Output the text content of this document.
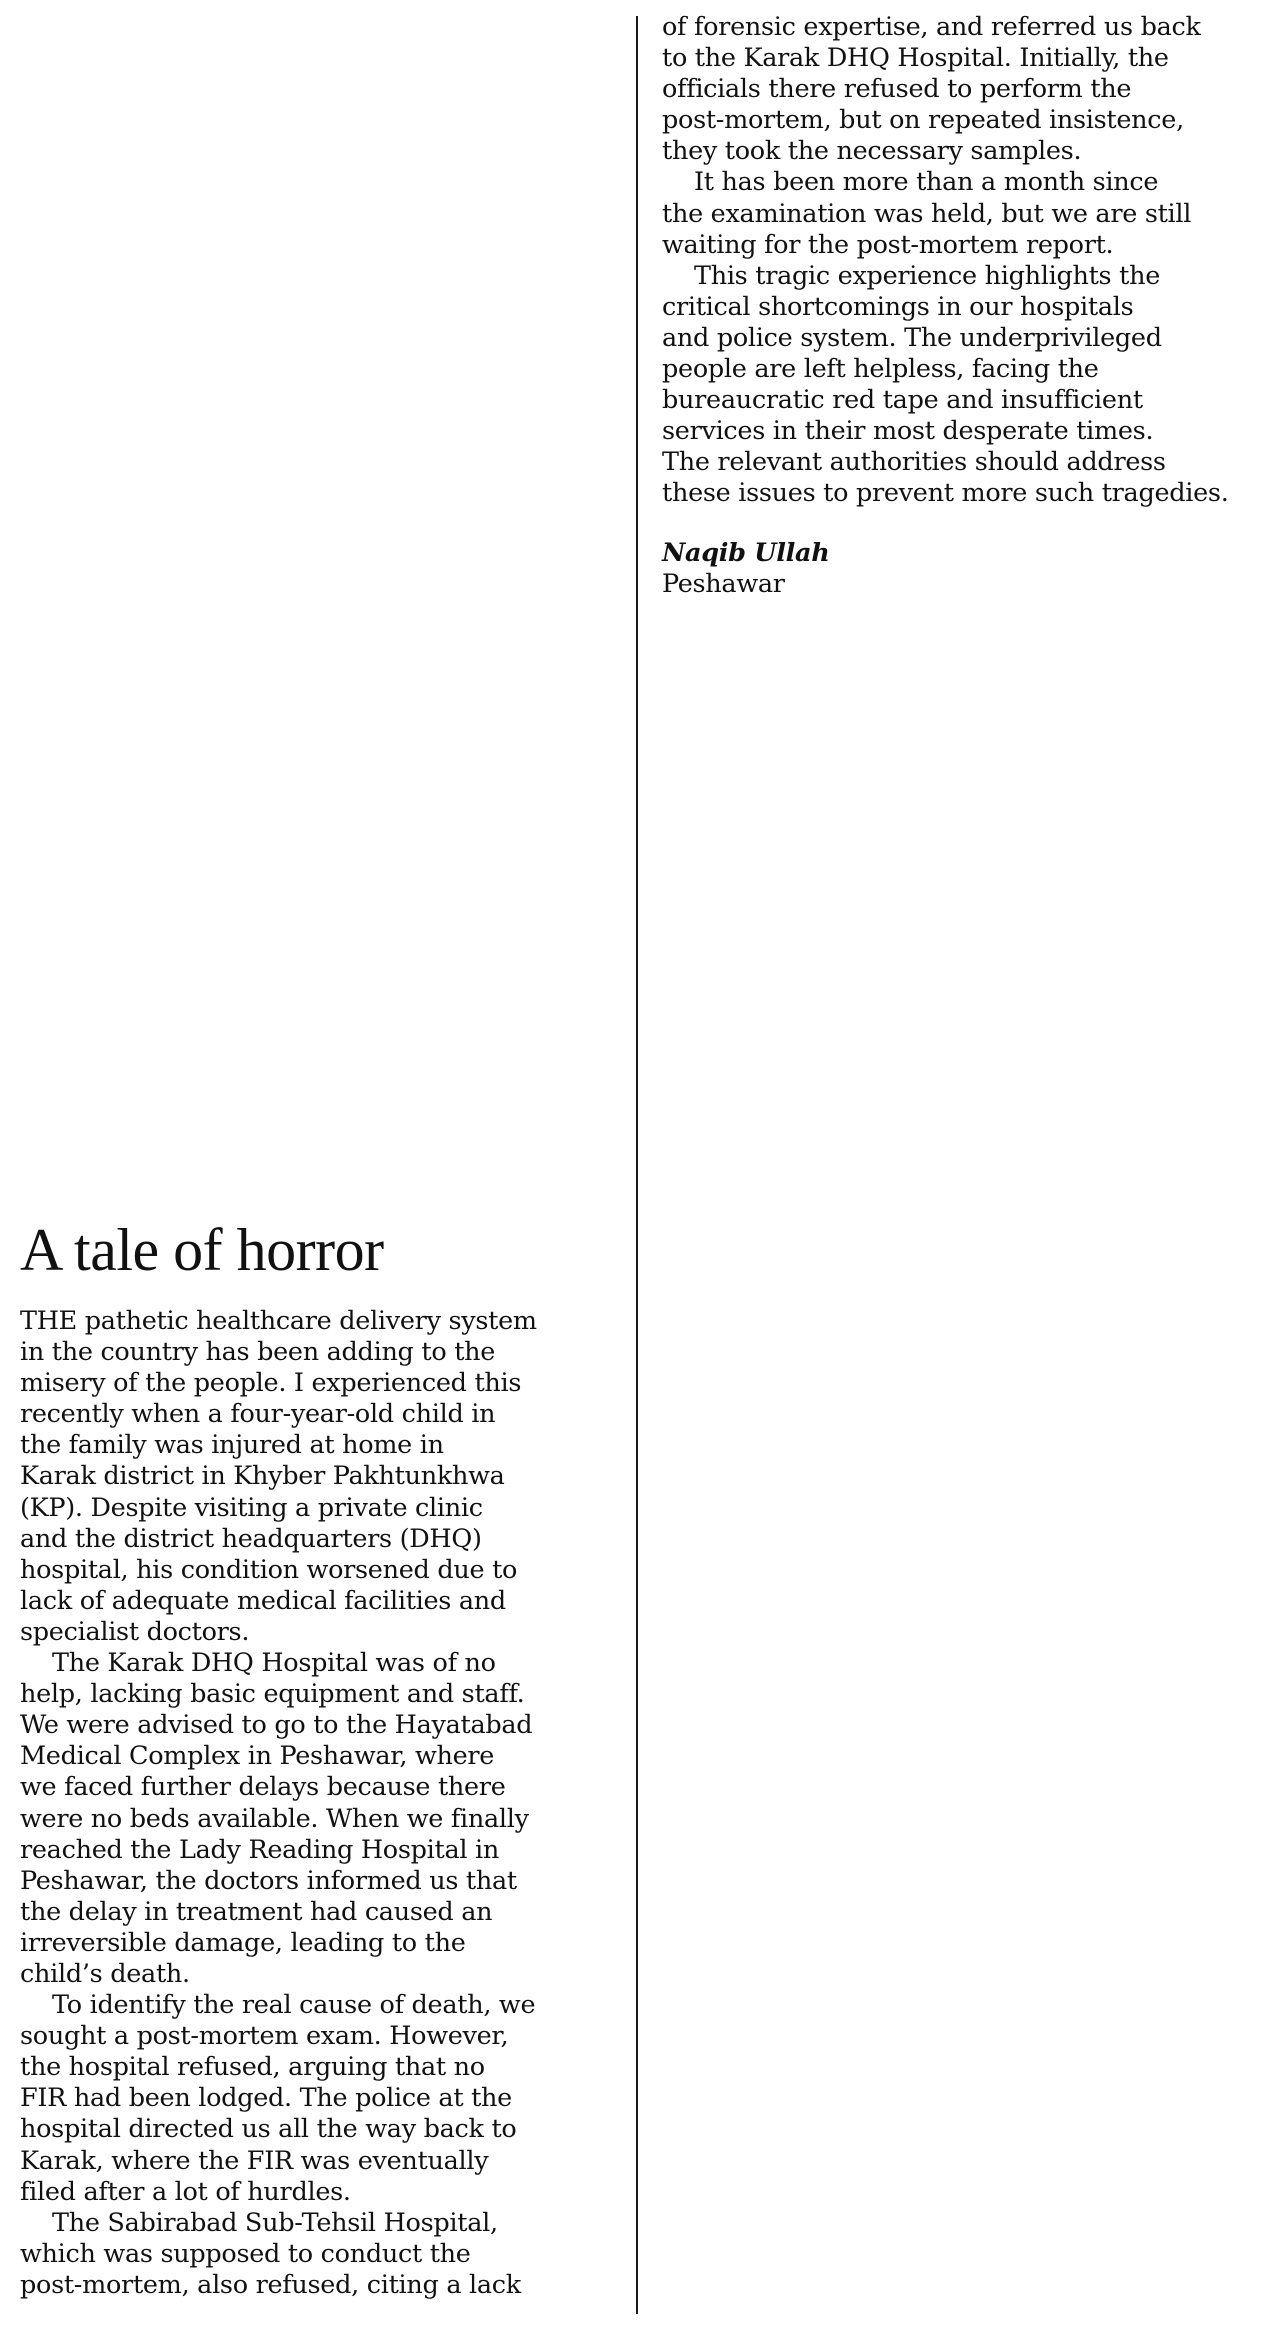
A tale of horror

THE pathetic healthcare delivery system
in the country has been adding to the
misery of the people. I experienced this
recently when a four-year-old child in
the family was injured at home in
Karak district in Khyber Pakhtunkhwa
(KP). Despite visiting a private clinic
and the district headquarters (DHQ)
hospital, his condition worsened due to
lack of adequate medical facilities and
specialist doctors.

The Karak DHQ Hospital was of no
help, lacking basic equipment and staff.
We were advised to go to the Hayatabad
Medical Complex in Peshawar, where
we faced further delays because there
were no beds available. When we finally
reached the Lady Reading Hospital in
Peshawar, the doctors informed us that
the delay in treatment had caused an
irreversible damage, leading to the
child’s death.

To identify the real cause of death, we
sought a post-mortem exam. However,
the hospital refused, arguing that no
FIR had been lodged. The police at the
hospital directed us all the way back to
Karak, where the FIR was eventually
filed after a lot of hurdles.

The Sabirabad Sub-Tehsil Hospital,
which was supposed to conduct the
post-mortem, also refused, citing a lack

of forensic expertise, and referred us back
to the Karak DHQ Hospital. Initially, the
officials there refused to perform the
post-mortem, but on repeated insistence,
they took the necessary samples.

It has been more than a month since
the examination was held, but we are still
waiting for the post-mortem report.

This tragic experience highlights the
critical shortcomings in our hospitals
and police system. The underprivileged
people are left helpless, facing the
bureaucratic red tape and insufficient
services in their most desperate times.
The relevant authorities should address
these issues to prevent more such tragedies.

Naqib Ullah
Peshawar
